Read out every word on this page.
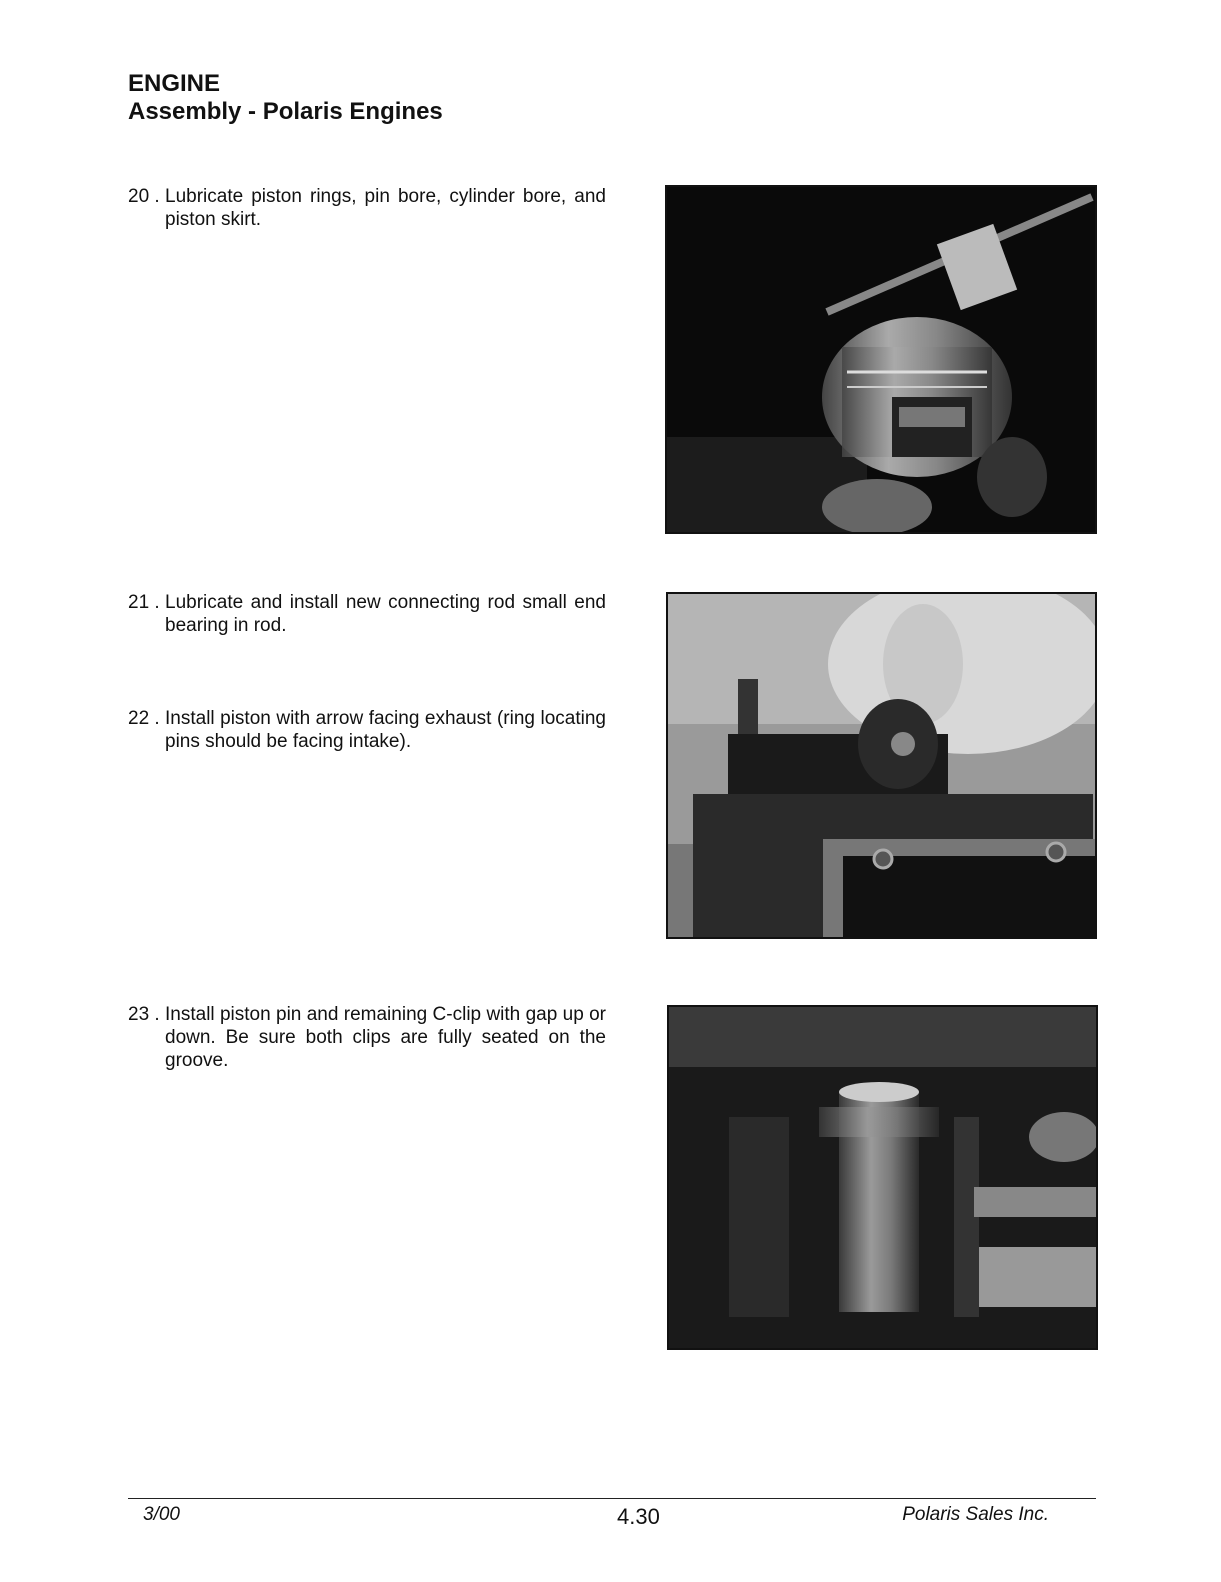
ENGINE
Assembly - Polaris Engines
20 . Lubricate piston rings, pin bore, cylinder bore, and piston skirt.
21 . Lubricate and install new connecting rod small end bearing in rod.
22 . Install piston with arrow facing exhaust (ring locating pins should be facing intake).
23 . Install piston pin and remaining C-clip with gap up or down. Be sure both clips are fully seated on the groove.
3/00	4.30	Polaris Sales Inc.
